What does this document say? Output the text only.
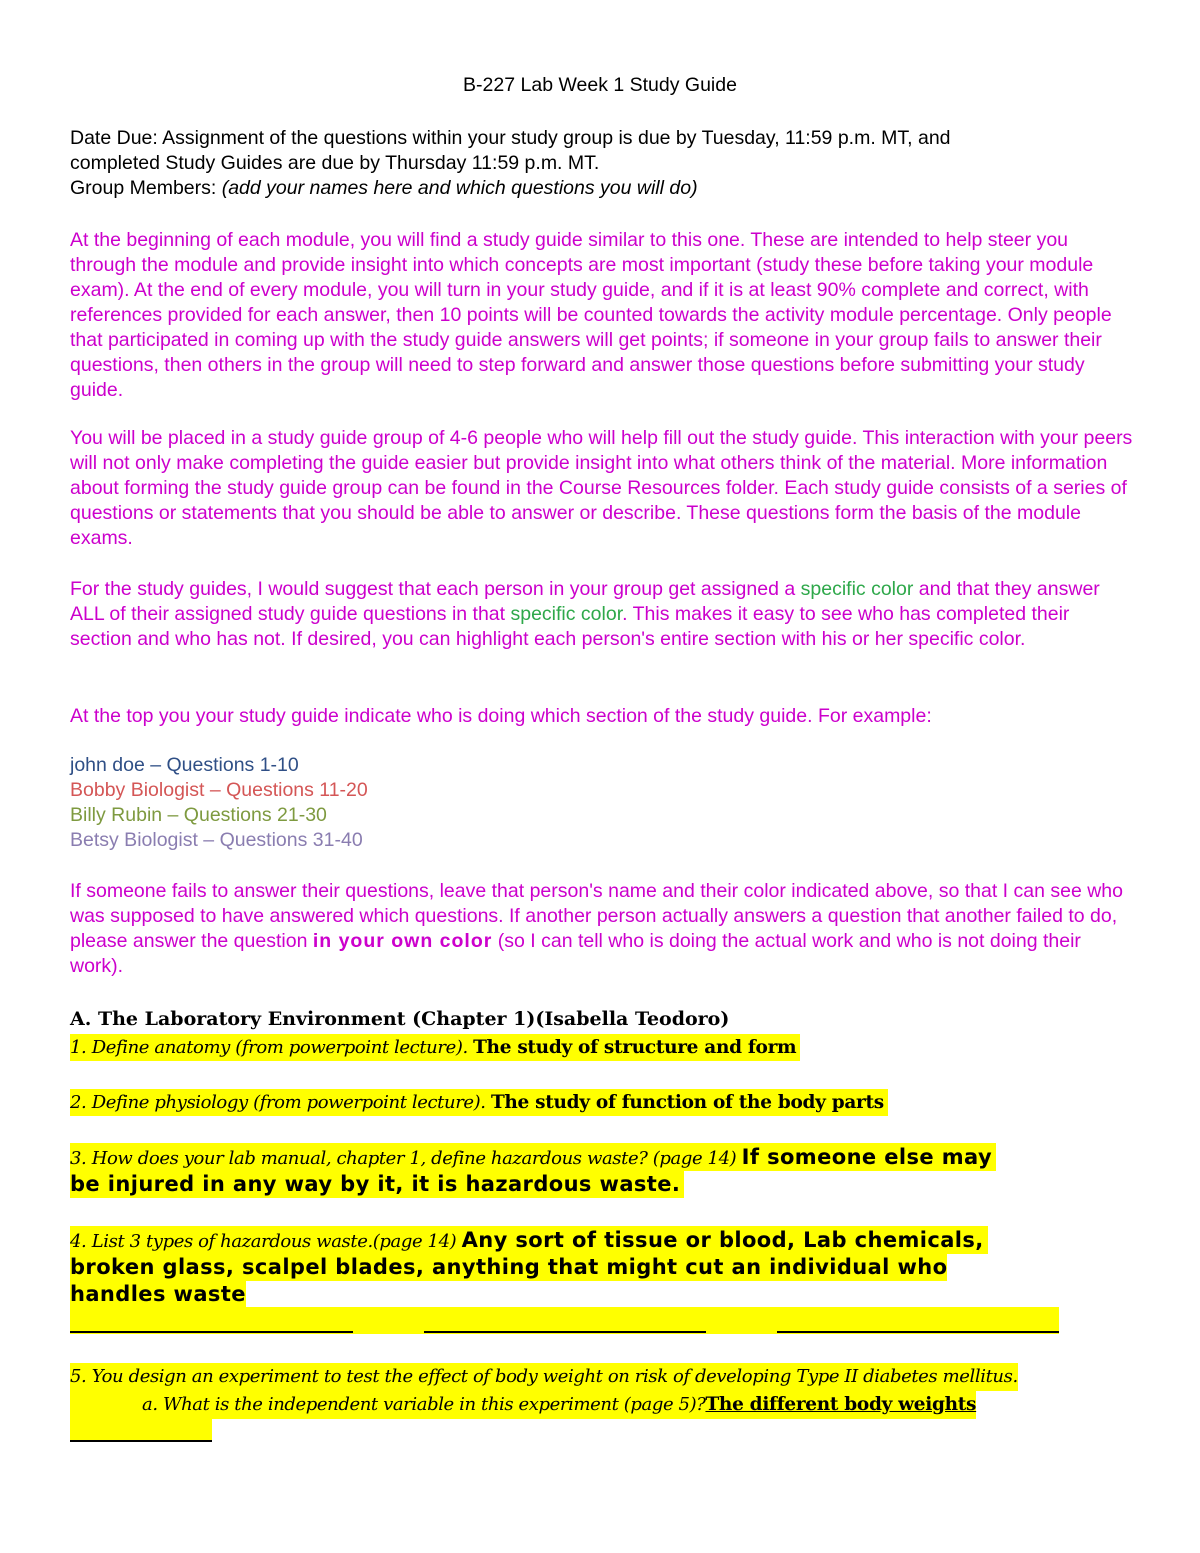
B-227 Lab Week 1 Study Guide
Date Due: Assignment of the questions within your study group is due by Tuesday, 11:59 p.m. MT, and
completed Study Guides are due by Thursday 11:59 p.m. MT.
Group Members: (add your names here and which questions you will do)

At the beginning of each module, you will find a study guide similar to this one. These are intended to help steer you through the module and provide insight into which concepts are most important (study these before taking your module exam). At the end of every module, you will turn in your study guide, and if it is at least 90% complete and correct, with references provided for each answer, then 10 points will be counted towards the activity module percentage. Only people that participated in coming up with the study guide answers will get points; if someone in your group fails to answer their questions, then others in the group will need to step forward and answer those questions before submitting your study guide.

You will be placed in a study guide group of 4-6 people who will help fill out the study guide. This interaction with your peers will not only make completing the guide easier but provide insight into what others think of the material. More information about forming the study guide group can be found in the Course Resources folder. Each study guide consists of a series of questions or statements that you should be able to answer or describe. These questions form the basis of the module exams.

For the study guides, I would suggest that each person in your group get assigned a specific color and that they answer ALL of their assigned study guide questions in that specific color. This makes it easy to see who has completed their section and who has not. If desired, you can highlight each person's entire section with his or her specific color.

At the top you your study guide indicate who is doing which section of the study guide. For example:

john doe – Questions 1-10
Bobby Biologist – Questions 11-20
Billy Rubin – Questions 21-30
Betsy Biologist – Questions 31-40

If someone fails to answer their questions, leave that person's name and their color indicated above, so that I can see who was supposed to have answered which questions. If another person actually answers a question that another failed to do, please answer the question in your own color (so I can tell who is doing the actual work and who is not doing their work).

A. The Laboratory Environment (Chapter 1)(Isabella Teodoro)
1. Define anatomy (from powerpoint lecture). The study of structure and form
2. Define physiology (from powerpoint lecture). The study of function of the body parts
3. How does your lab manual, chapter 1, define hazardous waste? (page 14) If someone else may
be injured in any way by it, it is hazardous waste.
4. List 3 types of hazardous waste.(page 14) Any sort of tissue or blood, Lab chemicals,
broken glass, scalpel blades, anything that might cut an individual who
handles waste
5. You design an experiment to test the effect of body weight on risk of developing Type II diabetes mellitus.
a. What is the independent variable in this experiment (page 5)?The different body weights
